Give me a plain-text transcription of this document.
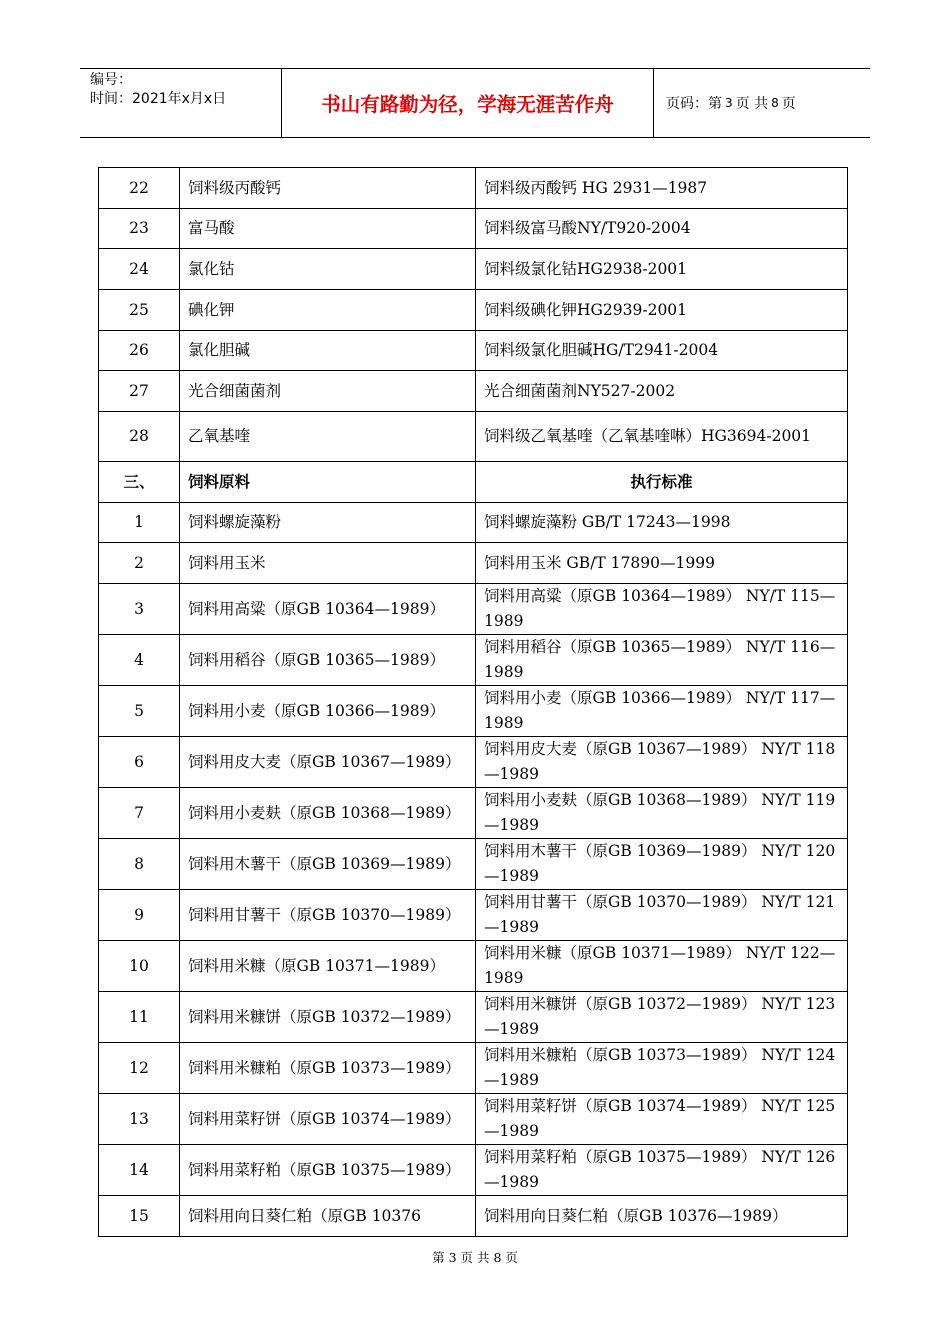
编号：
时间：2021年x月x日	书山有路勤为径，学海无涯苦作舟	页码：第 3 页 共 8 页
22	饲料级丙酸钙	饲料级丙酸钙 HG 2931—1987
23	富马酸	饲料级富马酸NY/T920-2004
24	氯化钴	饲料级氯化钴HG2938-2001
25	碘化钾	饲料级碘化钾HG2939-2001
26	氯化胆碱	饲料级氯化胆碱HG/T2941-2004
27	光合细菌菌剂	光合细菌菌剂NY527-2002
28	乙氧基喹	饲料级乙氧基喹（乙氧基喹啉）HG3694-2001
三、	饲料原料	执行标准
1	饲料螺旋藻粉	饲料螺旋藻粉 GB/T 17243—1998
2	饲料用玉米	饲料用玉米 GB/T 17890—1999
3	饲料用高粱（原GB 10364—1989）	饲料用高粱（原GB 10364—1989） NY/T 115—1989
4	饲料用稻谷（原GB 10365—1989）	饲料用稻谷（原GB 10365—1989） NY/T 116—1989
5	饲料用小麦（原GB 10366—1989）	饲料用小麦（原GB 10366—1989） NY/T 117—1989
6	饲料用皮大麦（原GB 10367—1989）	饲料用皮大麦（原GB 10367—1989） NY/T 118—1989
7	饲料用小麦麸（原GB 10368—1989）	饲料用小麦麸（原GB 10368—1989） NY/T 119—1989
8	饲料用木薯干（原GB 10369—1989）	饲料用木薯干（原GB 10369—1989） NY/T 120—1989
9	饲料用甘薯干（原GB 10370—1989）	饲料用甘薯干（原GB 10370—1989） NY/T 121—1989
10	饲料用米糠（原GB 10371—1989）	饲料用米糠（原GB 10371—1989） NY/T 122—1989
11	饲料用米糠饼（原GB 10372—1989）	饲料用米糠饼（原GB 10372—1989） NY/T 123—1989
12	饲料用米糠粕（原GB 10373—1989）	饲料用米糠粕（原GB 10373—1989） NY/T 124—1989
13	饲料用菜籽饼（原GB 10374—1989）	饲料用菜籽饼（原GB 10374—1989） NY/T 125—1989
14	饲料用菜籽粕（原GB 10375—1989）	饲料用菜籽粕（原GB 10375—1989） NY/T 126—1989
15	饲料用向日葵仁粕（原GB 10376	饲料用向日葵仁粕（原GB 10376—1989）
第 3 页 共 8 页
